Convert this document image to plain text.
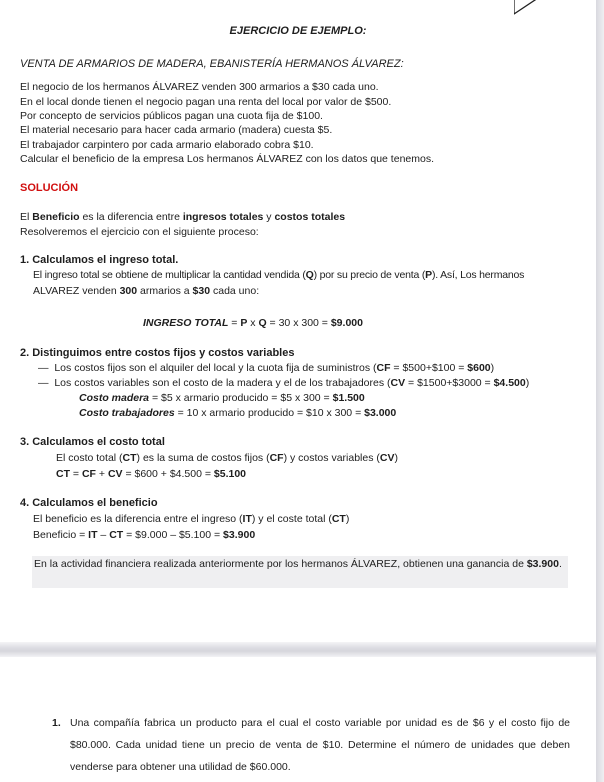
EJERCICIO DE EJEMPLO:
VENTA DE ARMARIOS DE MADERA, EBANISTERÍA HERMANOS ÁLVAREZ:
El negocio de los hermanos ÁLVAREZ venden 300 armarios a $30 cada uno.
En el local donde tienen el negocio pagan una renta del local por valor de $500.
Por concepto de servicios públicos pagan una cuota fija de $100.
El material necesario para hacer cada armario (madera) cuesta $5.
El trabajador carpintero por cada armario elaborado cobra $10.
Calcular el beneficio de la empresa Los hermanos ÁLVAREZ con los datos que tenemos.
SOLUCIÓN
El Beneficio es la diferencia entre ingresos totales y costos totales
Resolveremos el ejercicio con el siguiente proceso:
1. Calculamos el ingreso total.
El ingreso total se obtiene de multiplicar la cantidad vendida (Q) por su precio de venta (P). Así, Los hermanos
ALVAREZ venden 300 armarios a $30 cada uno:
INGRESO TOTAL = P x Q = 30 x 300 = $9.000
2. Distinguimos entre costos fijos y costos variables
— Los costos fijos son el alquiler del local y la cuota fija de suministros (CF = $500+$100 = $600)
— Los costos variables son el costo de la madera y el de los trabajadores (CV = $1500+$3000 = $4.500)
Costo madera = $5 x armario producido = $5 x 300 = $1.500
Costo trabajadores = 10 x armario producido = $10 x 300 = $3.000
3. Calculamos el costo total
El costo total (CT) es la suma de costos fijos (CF) y costos variables (CV)
CT = CF + CV = $600 + $4.500 = $5.100
4. Calculamos el beneficio
El beneficio es la diferencia entre el ingreso (IT) y el coste total (CT)
Beneficio = IT – CT = $9.000 – $5.100 = $3.900
En la actividad financiera realizada anteriormente por los hermanos ÁLVAREZ, obtienen una ganancia de $3.900.
1. Una compañía fabrica un producto para el cual el costo variable por unidad es de $6 y el costo fijo de $80.000. Cada unidad tiene un precio de venta de $10. Determine el número de unidades que deben venderse para obtener una utilidad de $60.000.
